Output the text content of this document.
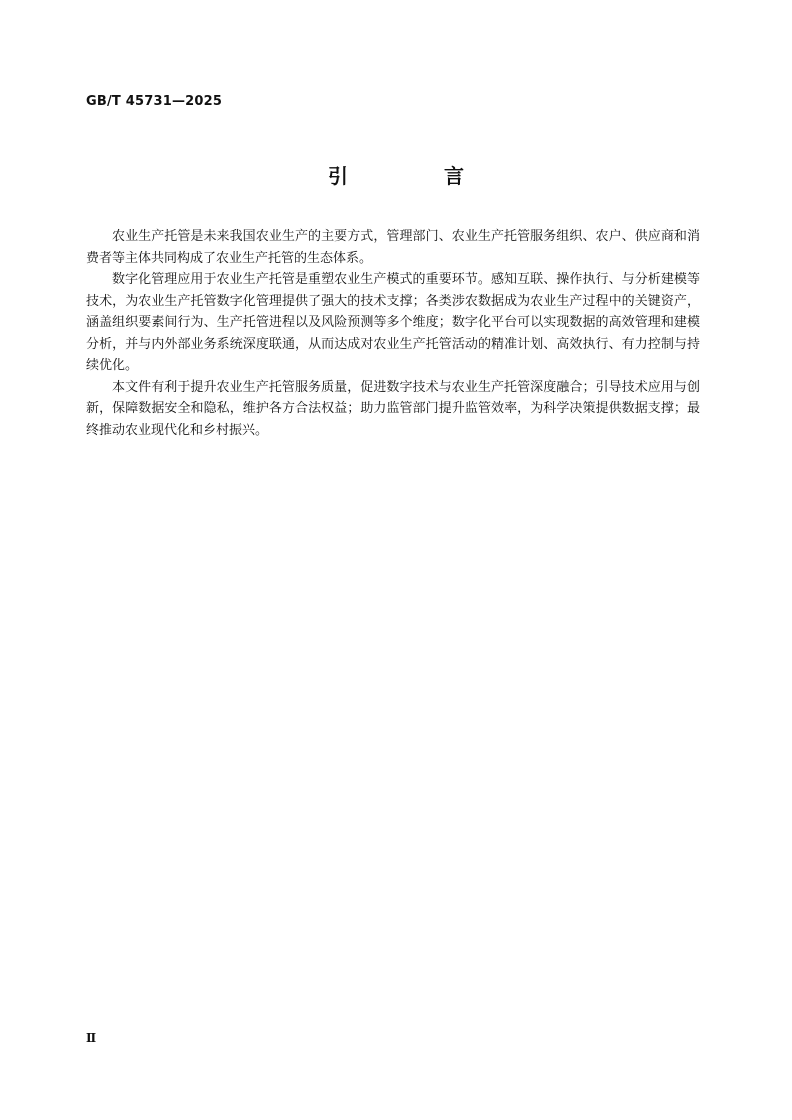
GB/T 45731—2025
引　言

农业生产托管是未来我国农业生产的主要方式，管理部门、农业生产托管服务组织、农户、供应商和消费者等主体共同构成了农业生产托管的生态体系。

数字化管理应用于农业生产托管是重塑农业生产模式的重要环节。感知互联、操作执行、与分析建模等技术，为农业生产托管数字化管理提供了强大的技术支撑；各类涉农数据成为农业生产过程中的关键资产，涵盖组织要素间行为、生产托管进程以及风险预测等多个维度；数字化平台可以实现数据的高效管理和建模分析，并与内外部业务系统深度联通，从而达成对农业生产托管活动的精准计划、高效执行、有力控制与持续优化。

本文件有利于提升农业生产托管服务质量，促进数字技术与农业生产托管深度融合；引导技术应用与创新，保障数据安全和隐私，维护各方合法权益；助力监管部门提升监管效率，为科学决策提供数据支撑；最终推动农业现代化和乡村振兴。

Ⅱ
